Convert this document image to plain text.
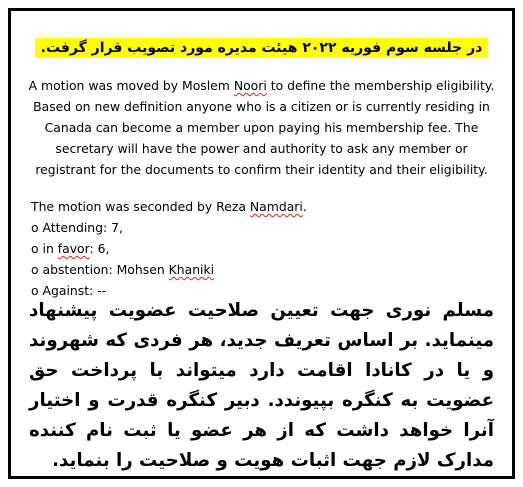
در جلسه سوم فوریه ۲۰۲۲ هیئت مدیره مورد تصویب قرار گرفت.
A motion was moved by Moslem Noori to define the membership eligibility. Based on new definition anyone who is a citizen or is currently residing in Canada can become a member upon paying his membership fee. The secretary will have the power and authority to ask any member or registrant for the documents to confirm their identity and their eligibility.
The motion was seconded by Reza Namdari.
o Attending: 7,
o in favor: 6,
o abstention: Mohsen Khaniki
o Against: --
مسلم نوری جهت تعیین صلاحیت عضویت پیشنهاد مینماید. بر اساس تعریف جدید، هر فردی که شهروند و یا در کانادا اقامت دارد میتواند با پرداخت حق عضویت به کنگره بپیوندد. دبیر کنگره قدرت و اختیار آنرا خواهد داشت که از هر عضو یا ثبت نام کننده مدارک لازم جهت اثبات هویت و صلاحیت را بنماید.
